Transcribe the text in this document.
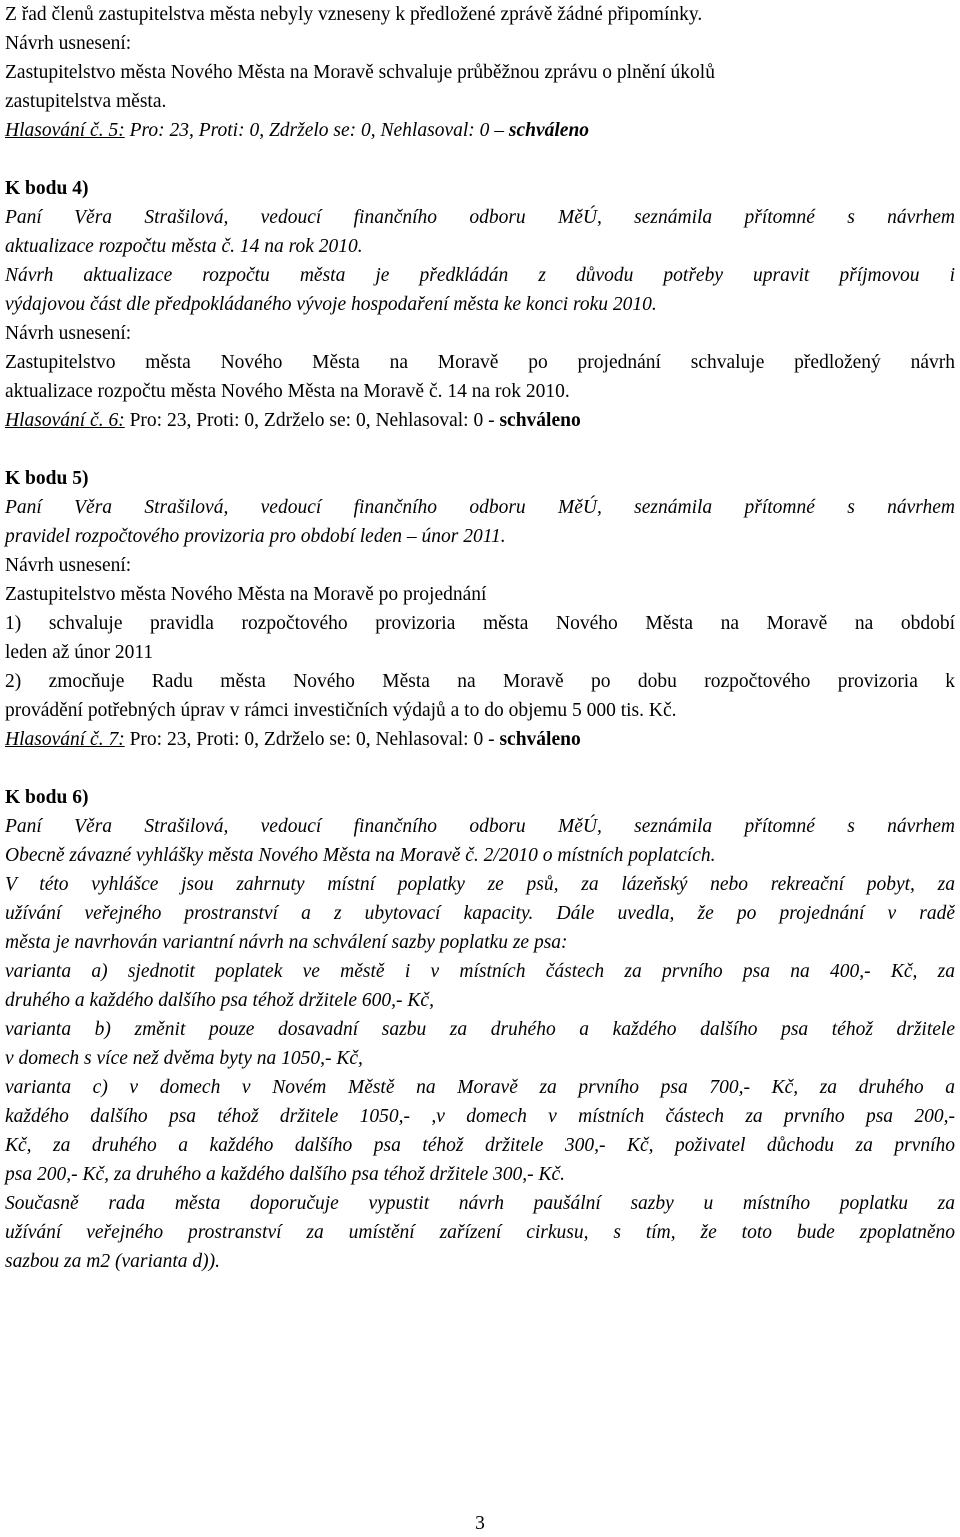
Z řad členů zastupitelstva města nebyly vzneseny k předložené zprávě žádné připomínky.
Návrh usnesení:
Zastupitelstvo města Nového Města na Moravě schvaluje průběžnou zprávu o plnění úkolů
zastupitelstva města.
Hlasování č. 5: Pro: 23, Proti: 0, Zdrželo se: 0, Nehlasoval: 0 – schváleno
K bodu 4)
Paní Věra Strašilová, vedoucí finančního odboru MěÚ, seznámila přítomné s návrhem
aktualizace rozpočtu města č. 14 na rok 2010.
Návrh aktualizace rozpočtu města je předkládán z důvodu potřeby upravit příjmovou i
výdajovou část dle předpokládaného vývoje hospodaření města ke konci roku 2010.
Návrh usnesení:
Zastupitelstvo města Nového Města na Moravě po projednání schvaluje předložený návrh
aktualizace rozpočtu města Nového Města na Moravě č. 14 na rok 2010.
Hlasování č. 6: Pro: 23, Proti: 0, Zdrželo se: 0, Nehlasoval: 0 - schváleno
K bodu 5)
Paní Věra Strašilová, vedoucí finančního odboru MěÚ, seznámila přítomné s návrhem
pravidel rozpočtového provizoria pro období leden – únor 2011.
Návrh usnesení:
Zastupitelstvo města Nového Města na Moravě po projednání
1) schvaluje pravidla rozpočtového provizoria města Nového Města na Moravě na období
leden až únor 2011
2) zmocňuje Radu města Nového Města na Moravě po dobu rozpočtového provizoria k
provádění potřebných úprav v rámci investičních výdajů a to do objemu 5 000 tis. Kč.
Hlasování č. 7: Pro: 23, Proti: 0, Zdrželo se: 0, Nehlasoval: 0 - schváleno
K bodu 6)
Paní Věra Strašilová, vedoucí finančního odboru MěÚ, seznámila přítomné s návrhem
Obecně závazné vyhlášky města Nového Města na Moravě č. 2/2010 o místních poplatcích.
V této vyhlášce jsou zahrnuty místní poplatky ze psů, za lázeňský nebo rekreační pobyt, za
užívání veřejného prostranství a z ubytovací kapacity. Dále uvedla, že po projednání v radě
města je navrhován variantní návrh na schválení sazby poplatku ze psa:
varianta a) sjednotit poplatek ve městě i v místních částech za prvního psa na 400,- Kč, za
druhého a každého dalšího psa téhož držitele 600,- Kč,
varianta b) změnit pouze dosavadní sazbu za druhého a každého dalšího psa téhož držitele
v domech s více než dvěma byty na 1050,- Kč,
varianta c) v domech v Novém Městě na Moravě za prvního psa 700,- Kč, za druhého a
každého dalšího psa téhož držitele 1050,- ,v domech v místních částech za prvního psa 200,-
Kč, za druhého a každého dalšího psa téhož držitele 300,- Kč, poživatel důchodu za prvního
psa 200,- Kč, za druhého a každého dalšího psa téhož držitele 300,- Kč.
Současně rada města doporučuje vypustit návrh paušální sazby u místního poplatku za
užívání veřejného prostranství za umístění zařízení cirkusu, s tím, že toto bude zpoplatněno
sazbou za m2 (varianta d)).
3
